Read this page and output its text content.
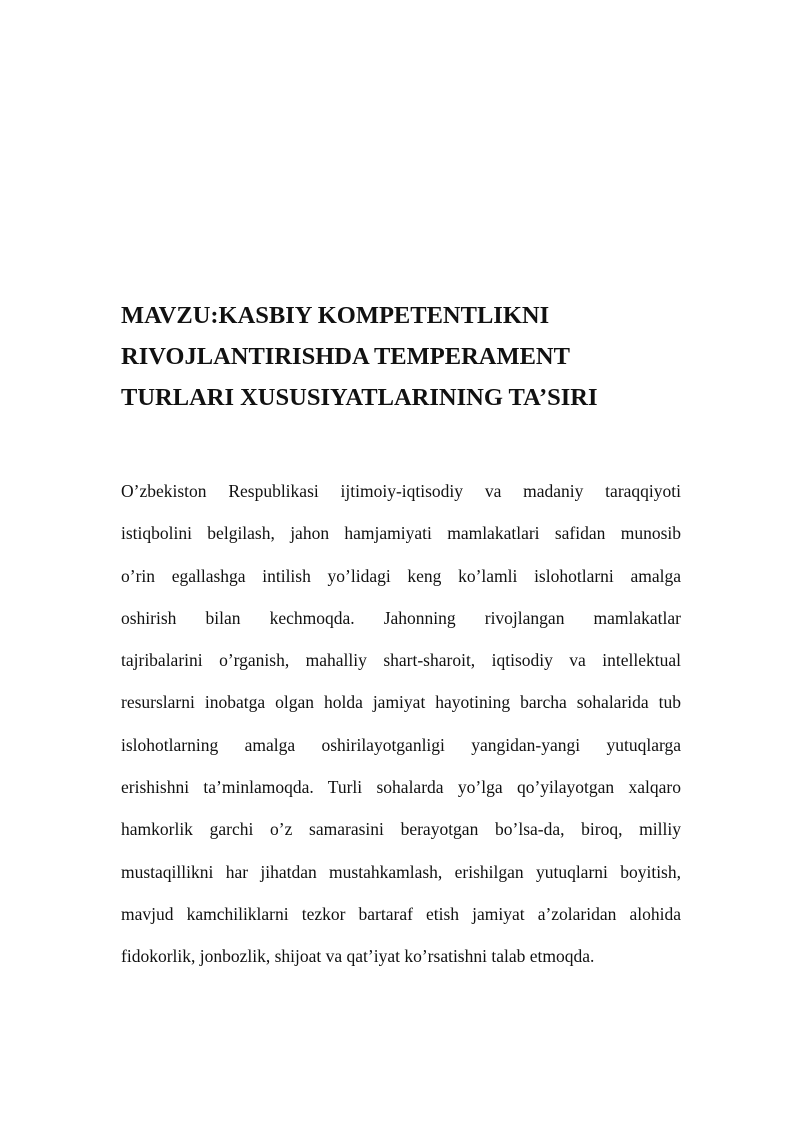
MAVZU:KASBIY KOMPETENTLIKNI
RIVOJLANTIRISHDA TEMPERAMENT
TURLARI XUSUSIYATLARINING TA’SIRI
O’zbekiston Respublikasi ijtimoiy-iqtisodiy va madaniy taraqqiyoti
istiqbolini belgilash, jahon hamjamiyati mamlakatlari safidan munosib
o’rin egallashga intilish yo’lidagi keng ko’lamli islohotlarni amalga
oshirish bilan kechmoqda. Jahonning rivojlangan mamlakatlar
tajribalarini o’rganish, mahalliy shart-sharoit, iqtisodiy va intellektual
resurslarni inobatga olgan holda jamiyat hayotining barcha sohalarida tub
islohotlarning amalga oshirilayotganligi yangidan-yangi yutuqlarga
erishishni ta’minlamoqda. Turli sohalarda yo’lga qo’yilayotgan xalqaro
hamkorlik garchi o’z samarasini berayotgan bo’lsa-da, biroq, milliy
mustaqillikni har jihatdan mustahkamlash, erishilgan yutuqlarni boyitish,
mavjud kamchiliklarni tezkor bartaraf etish jamiyat a’zolaridan alohida
fidokorlik, jonbozlik, shijoat va qat’iyat ko’rsatishni talab etmoqda.
